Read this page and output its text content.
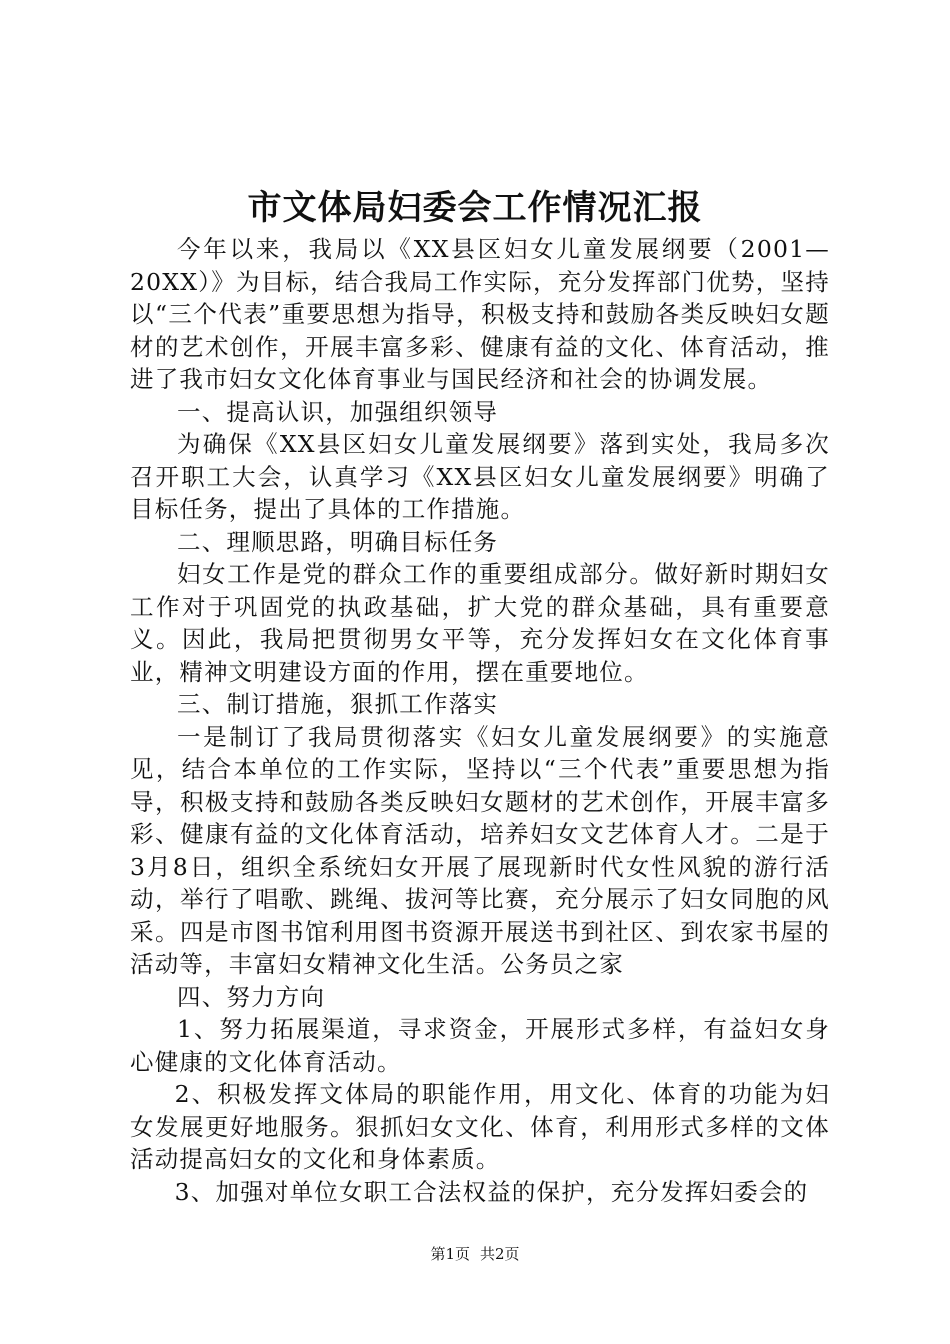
市文体局妇委会工作情况汇报

今年以来，我局以《XX县区妇女儿童发展纲要（2001—20XX）》为目标，结合我局工作实际，充分发挥部门优势，坚持以“三个代表”重要思想为指导，积极支持和鼓励各类反映妇女题材的艺术创作，开展丰富多彩、健康有益的文化、体育活动，推进了我市妇女文化体育事业与国民经济和社会的协调发展。

一、提高认识，加强组织领导

为确保《XX县区妇女儿童发展纲要》落到实处，我局多次召开职工大会，认真学习《XX县区妇女儿童发展纲要》明确了目标任务，提出了具体的工作措施。

二、理顺思路，明确目标任务

妇女工作是党的群众工作的重要组成部分。做好新时期妇女工作对于巩固党的执政基础，扩大党的群众基础，具有重要意义。因此，我局把贯彻男女平等，充分发挥妇女在文化体育事业，精神文明建设方面的作用，摆在重要地位。

三、制订措施，狠抓工作落实

一是制订了我局贯彻落实《妇女儿童发展纲要》的实施意见，结合本单位的工作实际，坚持以“三个代表”重要思想为指导，积极支持和鼓励各类反映妇女题材的艺术创作，开展丰富多彩、健康有益的文化体育活动，培养妇女文艺体育人才。二是于3月8日，组织全系统妇女开展了展现新时代女性风貌的游行活动，举行了唱歌、跳绳、拔河等比赛，充分展示了妇女同胞的风采。四是市图书馆利用图书资源开展送书到社区、到农家书屋的活动等，丰富妇女精神文化生活。公务员之家

四、努力方向

1、努力拓展渠道，寻求资金，开展形式多样，有益妇女身心健康的文化体育活动。

2、积极发挥文体局的职能作用，用文化、体育的功能为妇女发展更好地服务。狠抓妇女文化、体育，利用形式多样的文体活动提高妇女的文化和身体素质。

3、加强对单位女职工合法权益的保护，充分发挥妇委会的

第1页 共2页
